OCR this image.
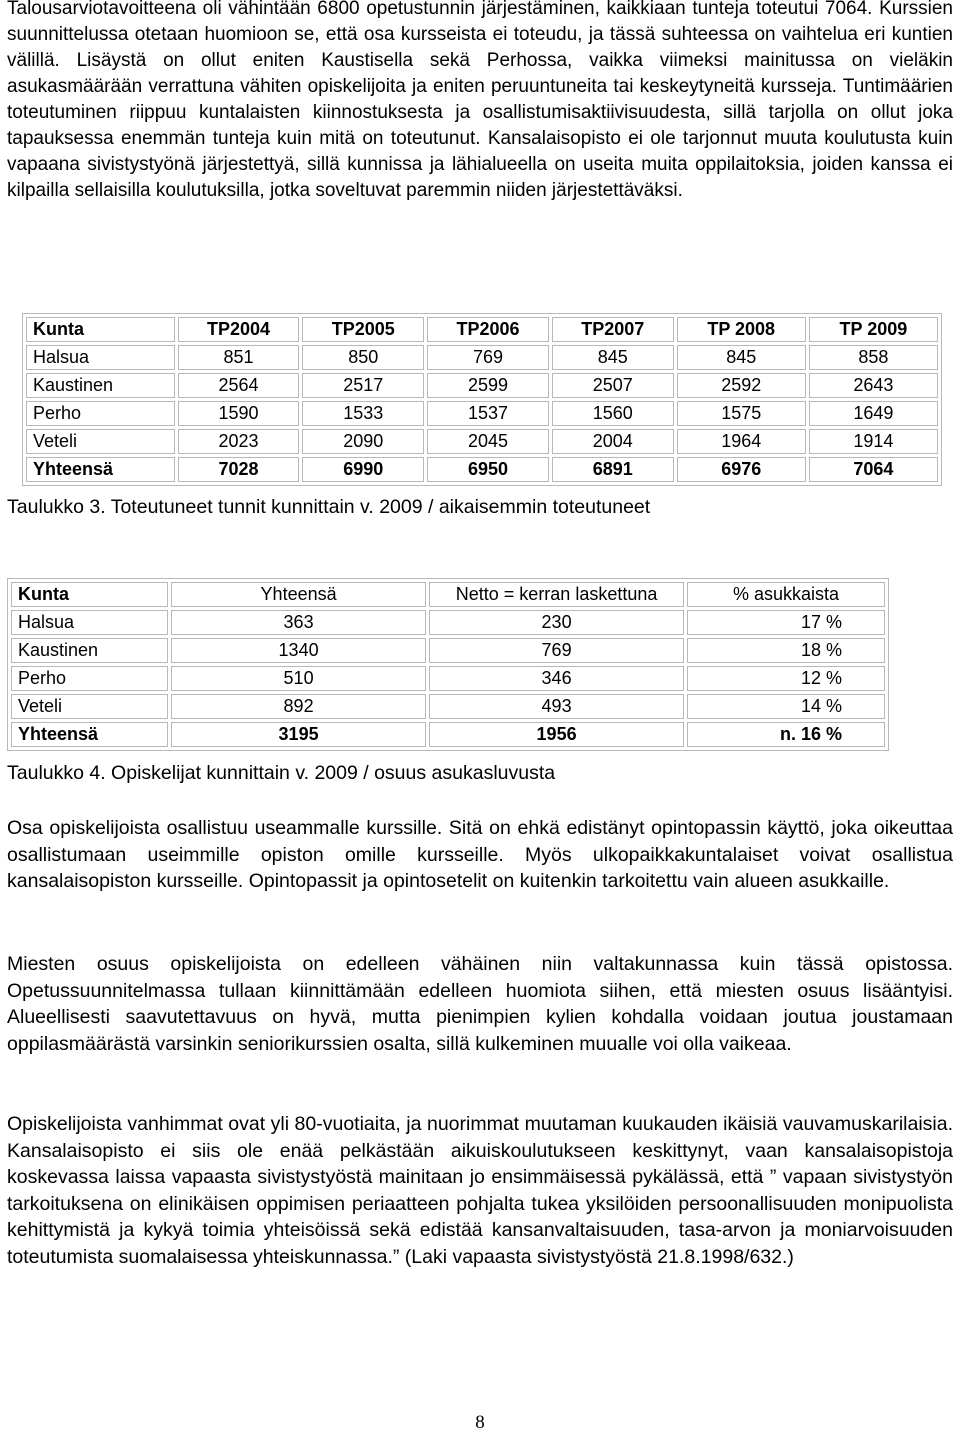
Talousarviotavoitteena oli vähintään 6800 opetustunnin järjestäminen, kaikkiaan tunteja toteutui 7064. Kurssien suunnittelussa otetaan huomioon se, että osa kursseista ei toteudu, ja tässä suhteessa on vaihtelua eri kuntien välillä. Lisäystä on ollut eniten Kaustisella sekä Perhossa, vaikka viimeksi mainitussa on vieläkin asukasmäärään verrattuna vähiten opiskelijoita ja eniten peruuntuneita tai keskeytyneitä kursseja. Tuntimäärien toteutuminen riippuu kuntalaisten kiinnostuksesta ja osallistumisaktiivisuudesta, sillä tarjolla on ollut joka tapauksessa enemmän tunteja kuin mitä on toteutunut. Kansalaisopisto ei ole tarjonnut muuta koulutusta kuin vapaana sivistystyönä järjestettyä, sillä kunnissa ja lähialueella on useita muita oppilaitoksia, joiden kanssa ei kilpailla sellaisilla koulutuksilla, jotka soveltuvat paremmin niiden järjestettäväksi.

Kunta	TP2004	TP2005	TP2006	TP2007	TP 2008	TP 2009
Halsua	851	850	769	845	845	858
Kaustinen	2564	2517	2599	2507	2592	2643
Perho	1590	1533	1537	1560	1575	1649
Veteli	2023	2090	2045	2004	1964	1914
Yhteensä	7028	6990	6950	6891	6976	7064
Taulukko 3. Toteutuneet tunnit kunnittain v. 2009 / aikaisemmin toteutuneet
Kunta	Yhteensä	Netto = kerran laskettuna	% asukkaista
Halsua	363	230	17 %
Kaustinen	1340	769	18 %
Perho	510	346	12 %
Veteli	892	493	14 %
Yhteensä	3195	1956	n. 16 %
Taulukko 4. Opiskelijat kunnittain v. 2009 / osuus asukasluvusta

Osa opiskelijoista osallistuu useammalle kurssille. Sitä on ehkä edistänyt opintopassin käyttö, joka oikeuttaa osallistumaan useimmille opiston omille kursseille. Myös ulkopaikkakuntalaiset voivat osallistua kansalaisopiston kursseille. Opintopassit ja opintosetelit on kuitenkin tarkoitettu vain alueen asukkaille.

Miesten osuus opiskelijoista on edelleen vähäinen niin valtakunnassa kuin tässä opistossa. Opetussuunnitelmassa tullaan kiinnittämään edelleen huomiota siihen, että miesten osuus lisääntyisi. Alueellisesti saavutettavuus on hyvä, mutta pienimpien kylien kohdalla voidaan joutua joustamaan oppilasmäärästä varsinkin seniorikurssien osalta, sillä kulkeminen muualle voi olla vaikeaa.

Opiskelijoista vanhimmat ovat yli 80-vuotiaita, ja nuorimmat muutaman kuukauden ikäisiä vauvamuskarilaisia. Kansalaisopisto ei siis ole enää pelkästään aikuiskoulutukseen keskittynyt, vaan kansalaisopistoja koskevassa laissa vapaasta sivistystyöstä mainitaan jo ensimmäisessä pykälässä, että ” vapaan sivistystyön tarkoituksena on elinikäisen oppimisen periaatteen pohjalta tukea yksilöiden persoonallisuuden monipuolista kehittymistä ja kykyä toimia yhteisöissä sekä edistää kansanvaltaisuuden, tasa-arvon ja moniarvoisuuden toteutumista suomalaisessa yhteiskunnassa.” (Laki vapaasta sivistystyöstä 21.8.1998/632.)

8
